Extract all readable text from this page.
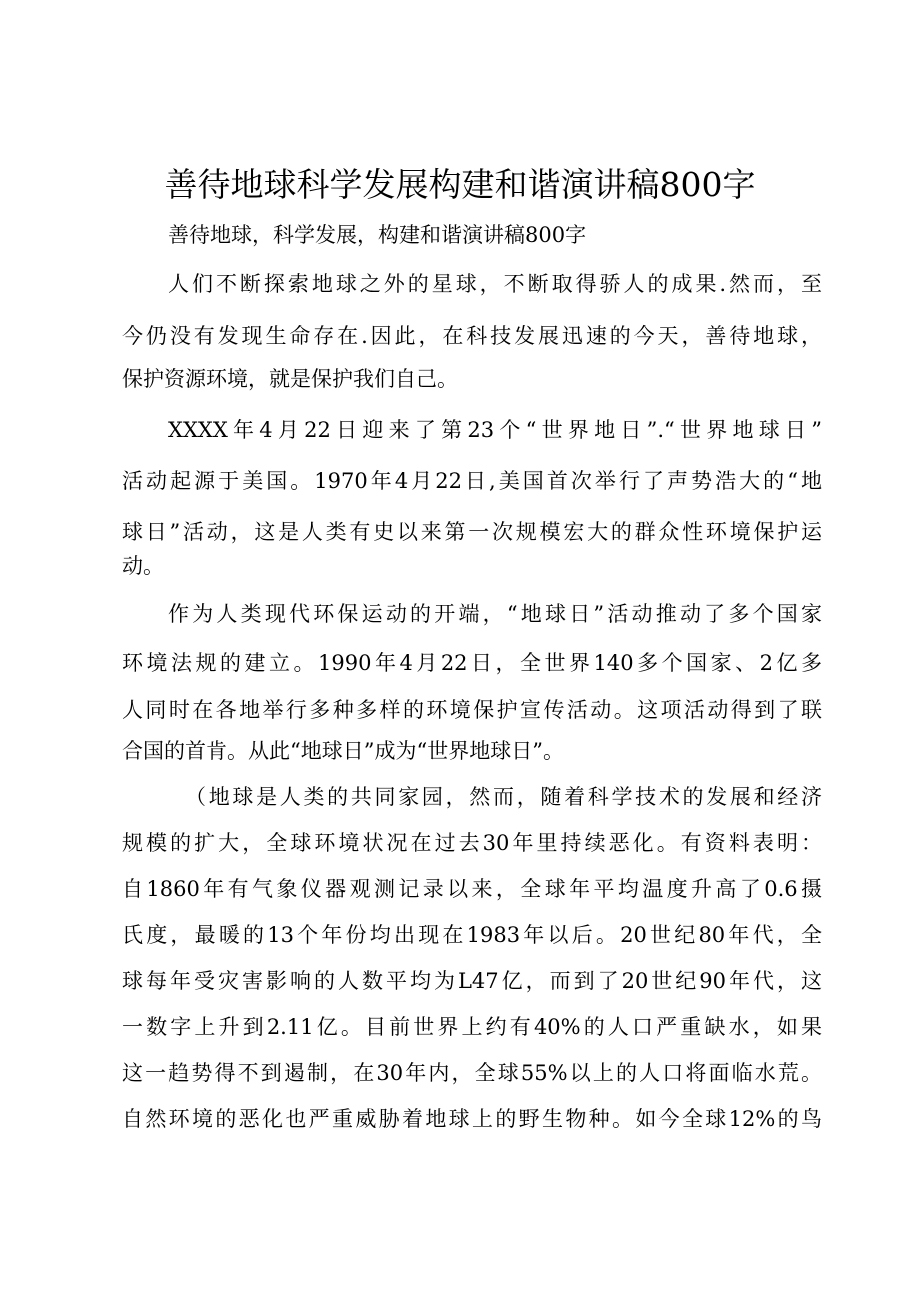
善待地球科学发展构建和谐演讲稿800字
善待地球，科学发展，构建和谐演讲稿800字
人们不断探索地球之外的星球，不断取得骄人的成果.然而，至
今仍没有发现生命存在.因此，在科技发展迅速的今天，善待地球，
保护资源环境，就是保护我们自己。
XXXX年4月22日迎来了第23个“世界地日”.“世界地球日”
活动起源于美国。1970年4月22日,美国首次举行了声势浩大的“地
球日”活动，这是人类有史以来第一次规模宏大的群众性环境保护运
动。
作为人类现代环保运动的开端，“地球日”活动推动了多个国家
环境法规的建立。1990年4月22日，全世界140多个国家、2亿多
人同时在各地举行多种多样的环境保护宣传活动。这项活动得到了联
合国的首肯。从此“地球日”成为“世界地球日”。
（地球是人类的共同家园，然而，随着科学技术的发展和经济
规模的扩大，全球环境状况在过去30年里持续恶化。有资料表明：
自1860年有气象仪器观测记录以来，全球年平均温度升高了0.6摄
氏度，最暖的13个年份均出现在1983年以后。20世纪80年代，全
球每年受灾害影响的人数平均为L47亿，而到了20世纪90年代，这
一数字上升到2.11亿。目前世界上约有40%的人口严重缺水，如果
这一趋势得不到遏制，在30年内，全球55%以上的人口将面临水荒。
自然环境的恶化也严重威胁着地球上的野生物种。如今全球12%的鸟
